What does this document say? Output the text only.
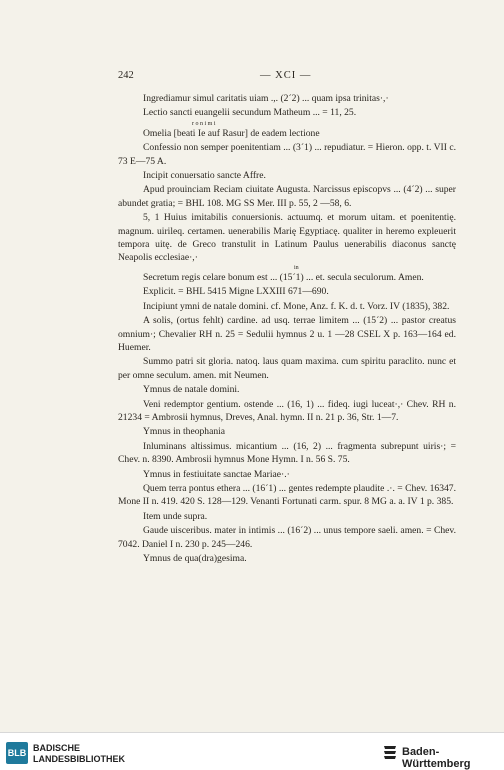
242	— XCI —

Ingrediamur simul caritatis uiam .,. (2´2) ... quam ipsa trinitas·,·

Lectio sancti euangelii secundum Matheum ... = 11, 25.

ronimi

Omelia [beati Ie auf Rasur] de eadem lectione

Confessio non semper poenitentiam ... (3´1) ... repudiatur. = Hieron. opp. t. VII c. 73 E—75 A.

Incipit conuersatio sancte Affre.

Apud prouinciam Reciam ciuitate Augusta. Narcissus episcopvs ... (4´2) ... super abundet gratia; = BHL 108. MG SS Mer. III p. 55, 2 —58, 6.

5, 1 Huius imitabilis conuersionis. actuumq. et morum uitam. et poenitentię. magnum. uirileq. certamen. uenerabilis Marię Egyptiacę. qualiter in heremo expleuerit tempora uitę. de Greco transtulit in Latinum Paulus uenerabilis diaconus sanctę Neapolis ecclesiae·,·

in

Secretum regis celare bonum est ... (15´1) ... et. secula seculorum. Amen.

Explicit. = BHL 5415 Migne LXXIII 671—690.

Incipiunt ymni de natale domini. cf. Mone, Anz. f. K. d. t. Vorz. IV (1835), 382.

A solis, (ortus fehlt) cardine. ad usq. terrae limitem ... (15´2) ... pastor creatus omnium·; Chevalier RH n. 25 = Sedulii hymnus 2 u. 1 —28 CSEL X p. 163—164 ed. Huemer.

Summo patri sit gloria. natoq. laus quam maxima. cum spiritu paraclito. nunc et per omne seculum. amen. mit Neumen.

Ymnus de natale domini.

Veni redemptor gentium. ostende ... (16, 1) ... fideq. iugi luceat·,· Chev. RH n. 21234 = Ambrosii hymnus, Dreves, Anal. hymn. II n. 21 p. 36, Str. 1—7.

Ymnus in theophania

Inluminans altissimus. micantium ... (16, 2) ... fragmenta subrepunt uiris·; = Chev. n. 8390. Ambrosii hymnus Mone Hymn. I n. 56 S. 75.

Ymnus in festiuitate sanctae Mariae·.·

Quem terra pontus ethera ... (16´1) ... gentes redempte plaudite .·. = Chev. 16347. Mone II n. 419. 420 S. 128—129. Venanti Fortunati carm. spur. 8 MG a. a. IV 1 p. 385.

Item unde supra.

Gaude uisceribus. mater in intimis ... (16´2) ... unus tempore saeli. amen. = Chev. 7042. Daniel I n. 230 p. 245—246.

Ymnus de qua(dra)gesima.

BLB BADISCHE
LANDESBIBLIOTHEK
Baden-Württemberg
